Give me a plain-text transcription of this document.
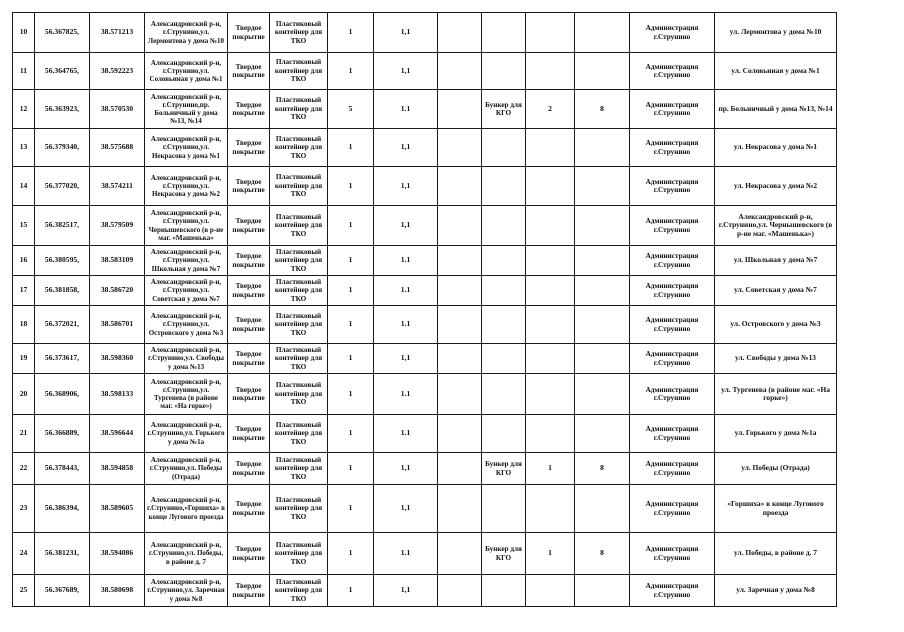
10	56.367825,	38.571213	Александровский р-н, г.Струнино,ул. Лермонтова у дома №10	Твердое покрытие	Пластиковый контейнер для ТКО	1	1,1					Администрация г.Струнино	ул. Лермонтова у дома №10
11	56.364765,	38.592223	Александровский р-н, г.Струнино,ул. Соловьиная у дома №1	Твердое покрытие	Пластиковый контейнер для ТКО	1	1,1					Администрация г.Струнино	ул. Соловьиная у дома №1
12	56.363923,	38.570530	Александровский р-н, г.Струнино,пр. Больничный у дома №13, №14	Твердое покрытие	Пластиковый контейнер для ТКО	5	1.1		Бункер для КГО	2	8	Администрация г.Струнино	пр. Больничный у дома №13, №14
13	56.379340,	38.575688	Александровский р-н, г.Струнино,ул. Некрасова у дома №1	Твердое покрытие	Пластиковый контейнер для ТКО	1	1,1					Администрация г.Струнино	ул. Некрасова у дома №1
14	56.377020,	38.574211	Александровский р-н, г.Струнино,ул. Некрасова у дома №2	Твердое покрытие	Пластиковый контейнер для ТКО	1	1,1					Администрация г.Струнино	ул. Некрасова у дома №2
15	56.382517,	38.579509	Александровский р-н, г.Струнино,ул. Чернышевского (в р-не маг. «Машенька»	Твердое покрытие	Пластиковый контейнер для ТКО	1	1,1					Администрация г.Струнино	Александровский р-н, г.Струнино,ул. Чернышевского (в р-не маг. «Машенька»)
16	56.380595,	38.583109	Александровский р-н, г.Струнино,ул. Школьная у дома №7	Твердое покрытие	Пластиковый контейнер для ТКО	1	1.1					Администрация г.Струнино	ул. Школьная у дома №7
17	56.381858,	38.586720	Александровский р-н, г.Струнино,ул. Советская у дома №7	Твердое покрытие	Пластиковый контейнер для ТКО	1	1.1					Администрация г.Струнино	ул. Советская у дома №7
18	56.372021,	38.586701	Александровский р-н, г.Струнино,ул. Островского у дома №3	Твердое покрытие	Пластиковый контейнер для ТКО	1	1.1					Администрация г.Струнино	ул. Островского у дома №3
19	56.373617,	38.598360	Александровский р-н, г.Струнино,ул. Свободы у дома №13	Твердое покрытие	Пластиковый контейнер для ТКО	1	1,1					Администрация г.Струнино	ул. Свободы у дома №13
20	56.368906,	38.598133	Александровский р-н, г.Струнино,ул. Тургенева (в районе маг. «На горке»)	Твердое покрытие	Пластиковый контейнер для ТКО	1	1.1					Администрация г.Струнино	ул. Тургенева (в районе маг. «На горке»)
21	56.366889,	38.596644	Александровский р-н, г.Струнино,ул. Горького у дома №1а	Твердое покрытие	Пластиковый контейнер для ТКО	1	1.1					Администрация г.Струнино	ул. Горького у дома №1а
22	56.378443,	38.594858	Александровский р-н, г.Струнино,ул. Победы (Отрада)	Твердое покрытие	Пластиковый контейнер для ТКО	1	1,1		Бункер для КГО	1	8	Администрация г.Струнино	ул. Победы (Отрада)
23	56.386394,	38.589605	Александровский р-н, г.Струнино,«Горшиха» в конце Лугового проезда	Твердое покрытие	Пластиковый контейнер для ТКО	1	1,1					Администрация г.Струнино	«Горшиха» в конце Лугового проезда
24	56.381231,	38.594086	Александровский р-н, г.Струнино,ул. Победы, в районе д. 7	Твердое покрытие	Пластиковый контейнер для ТКО	1	1.1		Бункер для КГО	1	8	Администрация г.Струнино	ул. Победы, в районе д. 7
25	56.367689,	38.580698	Александровский р-н, г.Струнино,ул. Заречная у дома №8	Твердое покрытие	Пластиковый контейнер для ТКО	1	1,1					Администрация г.Струнино	ул. Заречная у дома №8
